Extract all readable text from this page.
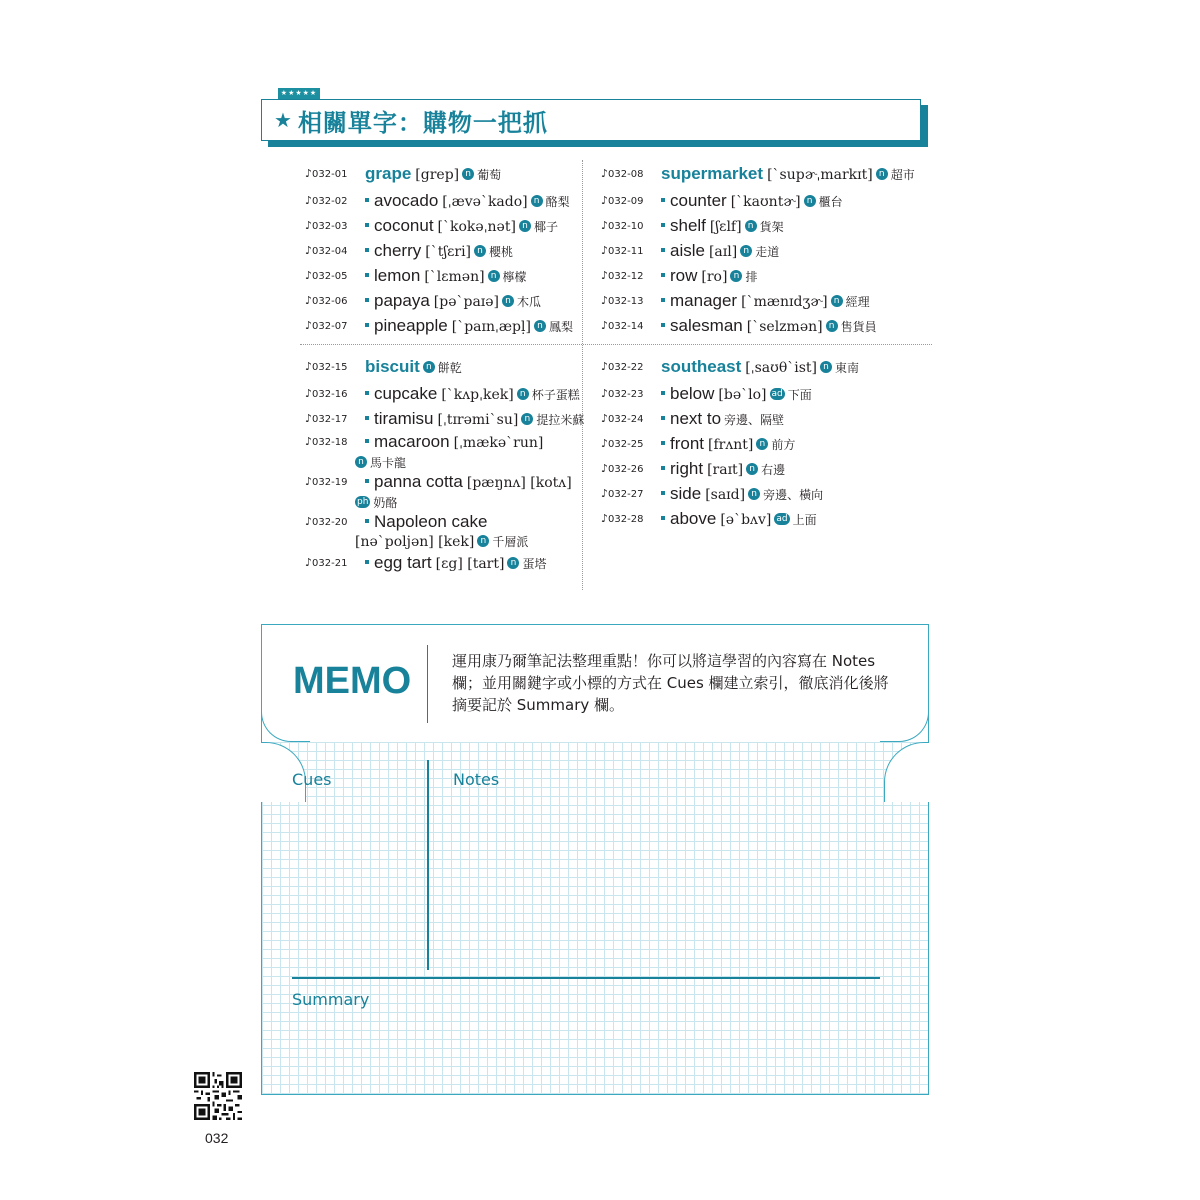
★★★★★
★ 相關單字：購物一把抓
♪032-01 grape [grep] n 葡萄
♪032-02 avocado [ˌævə`kado] n 酪梨
♪032-03 coconut [`kokəˌnət] n 椰子
♪032-04 cherry [`tʃɛri] n 櫻桃
♪032-05 lemon [`lɛmən] n 檸檬
♪032-06 papaya [pə`paɪə] n 木瓜
♪032-07 pineapple [`paɪnˌæpḷ] n 鳳梨
♪032-08 supermarket [`supɚˌmarkɪt] n 超市
♪032-09 counter [`kaʊntɚ] n 櫃台
♪032-10 shelf [ʃɛlf] n 貨架
♪032-11 aisle [aɪl] n 走道
♪032-12 row [ro] n 排
♪032-13 manager [`mænɪdʒɚ] n 經理
♪032-14 salesman [`selzmən] n 售貨員
♪032-15 biscuit n 餅乾
♪032-16 cupcake [`kʌpˌkek] n 杯子蛋糕
♪032-17 tiramisu [ˌtɪrəmi`su] n 提拉米蘇
♪032-18 macaroon [ˌmækə`run]
n 馬卡龍
♪032-19 panna cotta [pæŋnʌ] [kotʌ]
ph 奶酪
♪032-20 Napoleon cake
[nə`poljən] [kek] n 千層派
♪032-21 egg tart [ɛg] [tart] n 蛋塔
♪032-22 southeast [ˌsaʊθ`ist] n 東南
♪032-23 below [bə`lo] ad 下面
♪032-24 next to 旁邊、隔壁
♪032-25 front [frʌnt] n 前方
♪032-26 right [raɪt] n 右邊
♪032-27 side [saɪd] n 旁邊、橫向
♪032-28 above [ə`bʌv] ad 上面
MEMO	運用康乃爾筆記法整理重點！你可以將這學習的內容寫在 Notes 欄；並用關鍵字或小標的方式在 Cues 欄建立索引，徹底消化後將摘要記於 Summary 欄。
Cues	Notes
Summary
032
